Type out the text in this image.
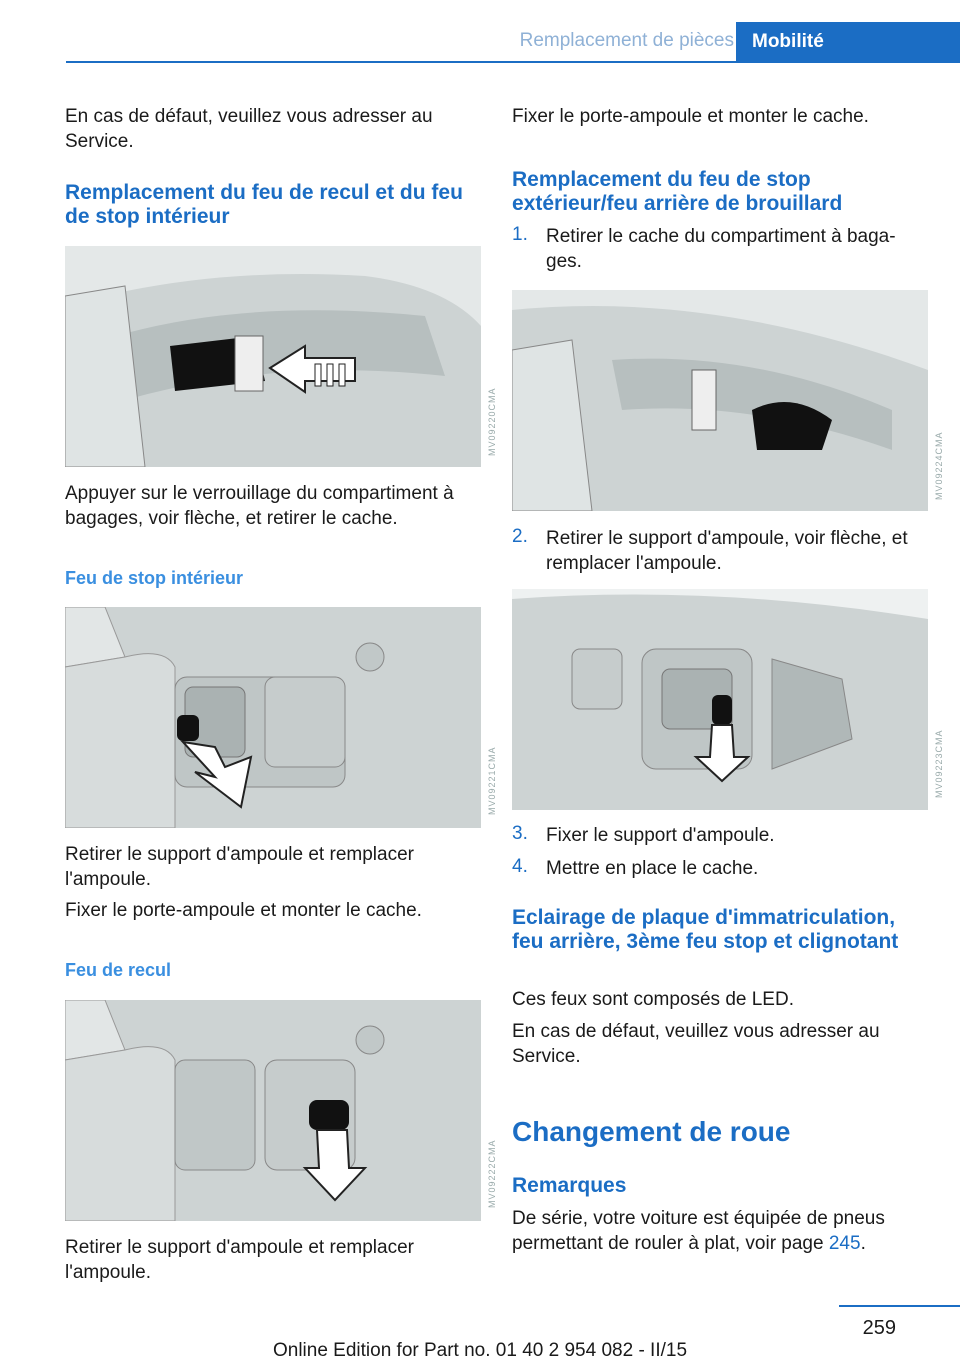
Remplacement de pièces Mobilité

En cas de défaut, veuillez vous adresser au Service.

Remplacement du feu de recul et du feu de stop intérieur
MV09220CMA

Appuyer sur le verrouillage du compartiment à bagages, voir flèche, et retirer le cache.

Feu de stop intérieur
MV09221CMA

Retirer le support d'ampoule et remplacer l'ampoule.

Fixer le porte-ampoule et monter le cache.

Feu de recul
MV09222CMA

Retirer le support d'ampoule et remplacer l'ampoule.

Fixer le porte-ampoule et monter le cache.

Remplacement du feu de stop extérieur/feu arrière de brouillard
1. Retirer le cache du compartiment à baga‐ ges.

MV09224CMA
2. Retirer le support d'ampoule, voir flèche, et remplacer l'ampoule.

MV09223CMA
3. Fixer le support d'ampoule.

4. Mettre en place le cache.

Eclairage de plaque d'immatriculation, feu arrière, 3ème feu stop et clignotant

Ces feux sont composés de LED.

En cas de défaut, veuillez vous adresser au Service.

Changement de roue
Remarques

De série, votre voiture est équipée de pneus permettant de rouler à plat, voir page 245.

259
Online Edition for Part no. 01 40 2 954 082 - II/15
